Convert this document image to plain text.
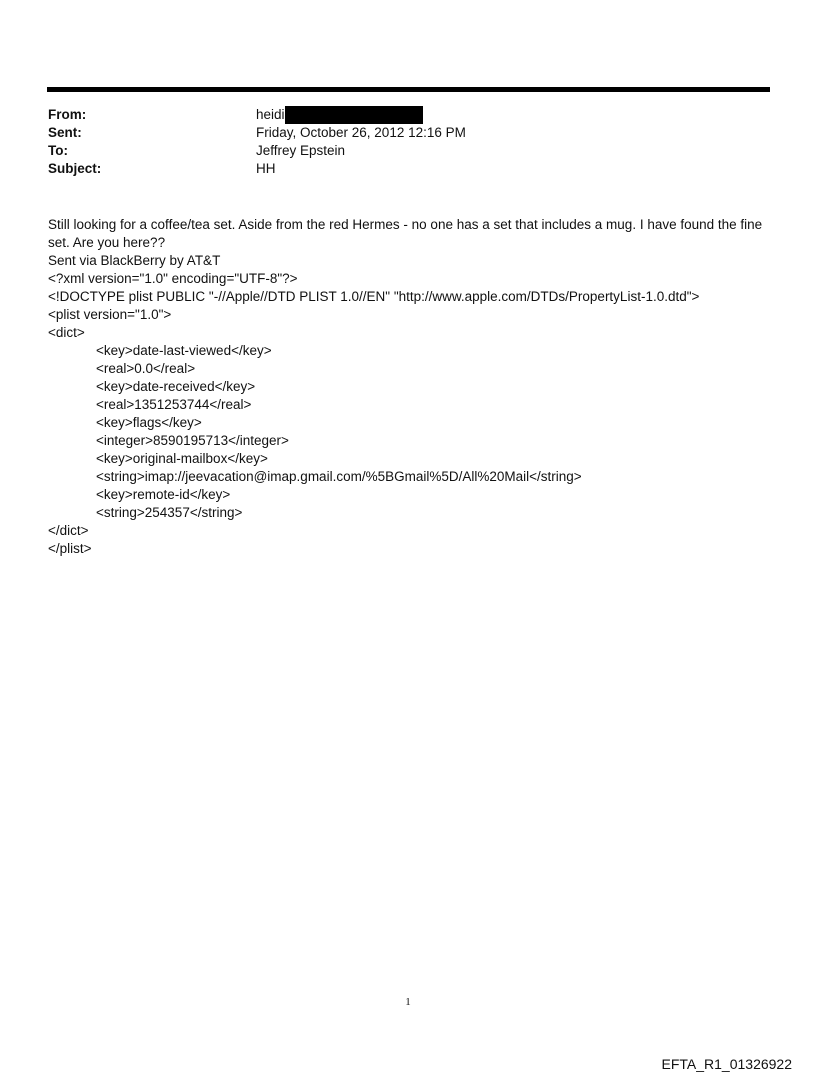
From:	heidi
Sent:	Friday, October 26, 2012 12:16 PM
To:	Jeffrey Epstein
Subject:	HH
Still looking for a coffee/tea set. Aside from the red Hermes - no one has a set that includes a mug. I have found the fine set. Are you here??
Sent via BlackBerry by AT&T
<?xml version="1.0" encoding="UTF-8"?>
<!DOCTYPE plist PUBLIC "-//Apple//DTD PLIST 1.0//EN" "http://www.apple.com/DTDs/PropertyList-1.0.dtd">
<plist version="1.0">
<dict>
<key>date-last-viewed</key>
<real>0.0</real>
<key>date-received</key>
<real>1351253744</real>
<key>flags</key>
<integer>8590195713</integer>
<key>original-mailbox</key>
<string>imap://jeevacation@imap.gmail.com/%5BGmail%5D/All%20Mail</string>
<key>remote-id</key>
<string>254357</string>
</dict>
</plist>
1
EFTA_R1_01326922
